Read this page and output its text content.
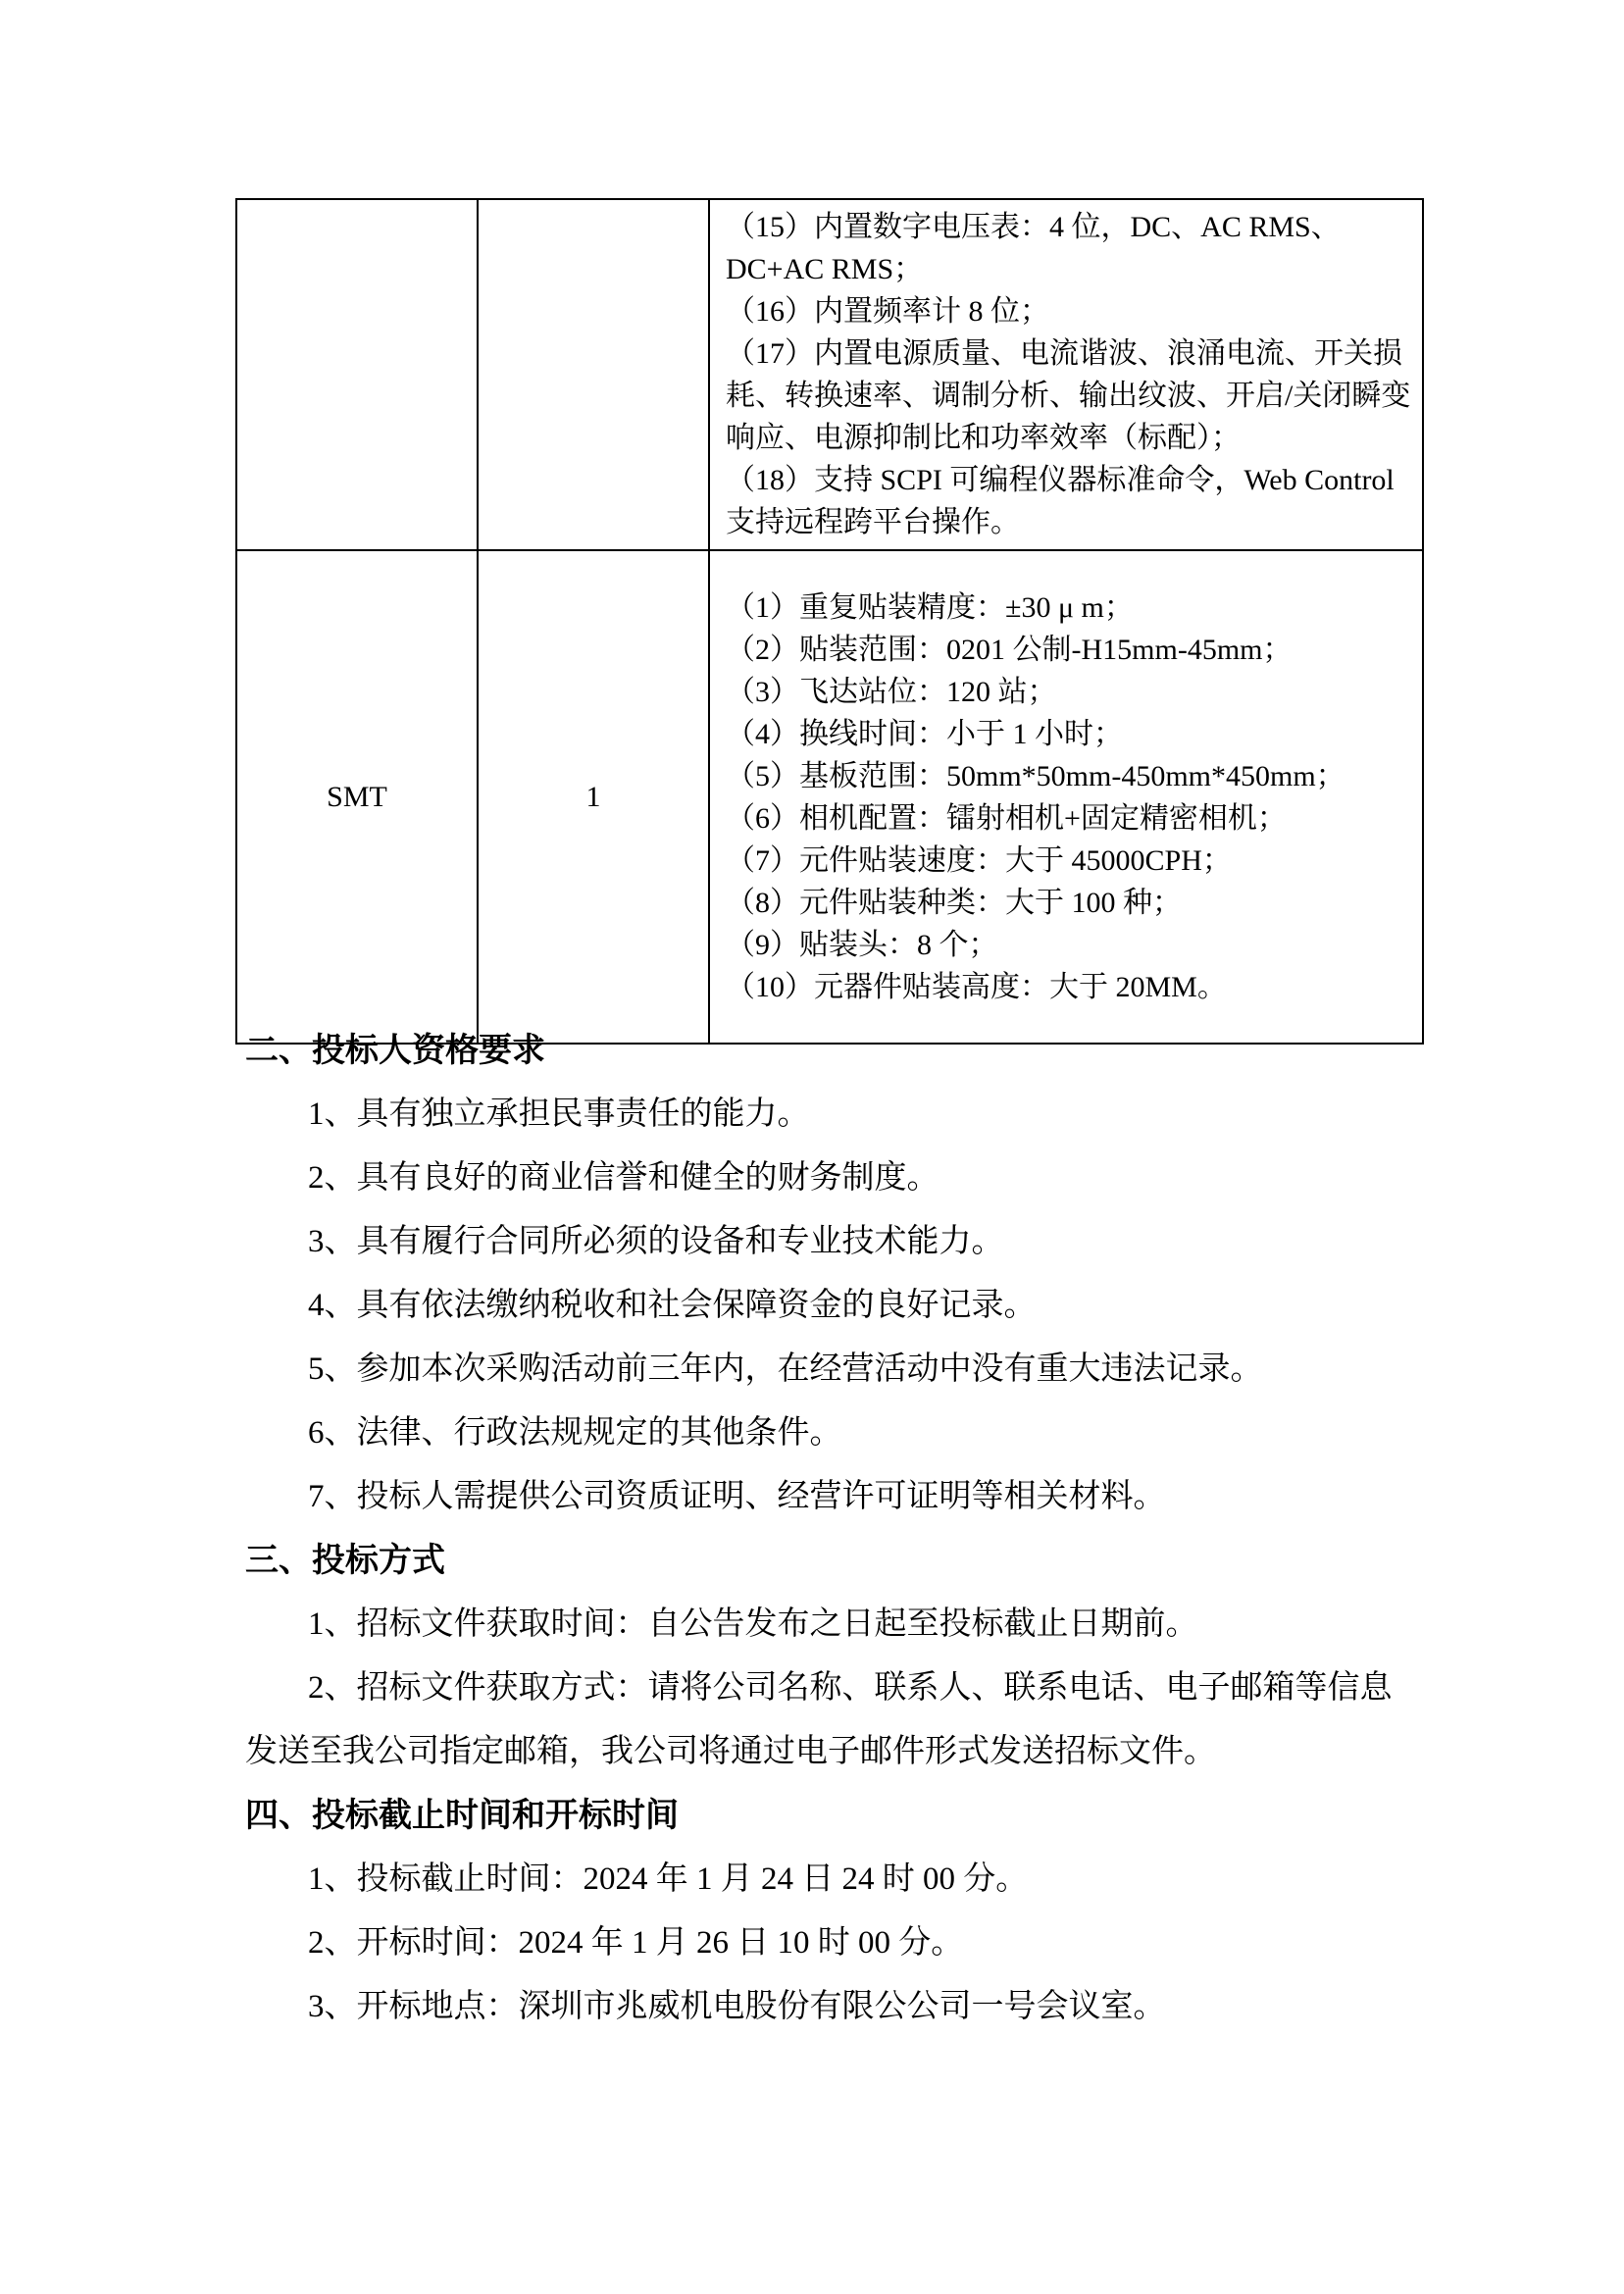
		（15）内置数字电压表：4 位，DC、AC RMS、DC+AC RMS；

（16）内置频率计 8 位；

（17）内置电源质量、电流谐波、浪涌电流、开关损耗、转换速率、调制分析、输出纹波、开启/关闭瞬变响应、电源抑制比和功率效率（标配）；

（18）支持 SCPI 可编程仪器标准命令，Web Control 支持远程跨平台操作。

SMT	1	

（1）重复贴装精度：±30 μ m；

（2）贴装范围：0201 公制-H15mm-45mm；

（3）飞达站位：120 站；

（4）换线时间：小于 1 小时；

（5）基板范围：50mm*50mm-450mm*450mm；

（6）相机配置：镭射相机+固定精密相机；

（7）元件贴装速度：大于 45000CPH；

（8）元件贴装种类：大于 100 种；

（9）贴装头：8 个；

（10）元器件贴装高度：大于 20MM。

二、投标人资格要求

1、具有独立承担民事责任的能力。

2、具有良好的商业信誉和健全的财务制度。

3、具有履行合同所必须的设备和专业技术能力。

4、具有依法缴纳税收和社会保障资金的良好记录。

5、参加本次采购活动前三年内，在经营活动中没有重大违法记录。

6、法律、行政法规规定的其他条件。

7、投标人需提供公司资质证明、经营许可证明等相关材料。

三、投标方式

1、招标文件获取时间：自公告发布之日起至投标截止日期前。

2、招标文件获取方式：请将公司名称、联系人、联系电话、电子邮箱等信息发送至我公司指定邮箱，我公司将通过电子邮件形式发送招标文件。

四、投标截止时间和开标时间

1、投标截止时间：2024 年 1 月 24 日 24 时 00 分。

2、开标时间：2024 年 1 月 26 日 10 时 00 分。

3、开标地点：深圳市兆威机电股份有限公公司一号会议室。
